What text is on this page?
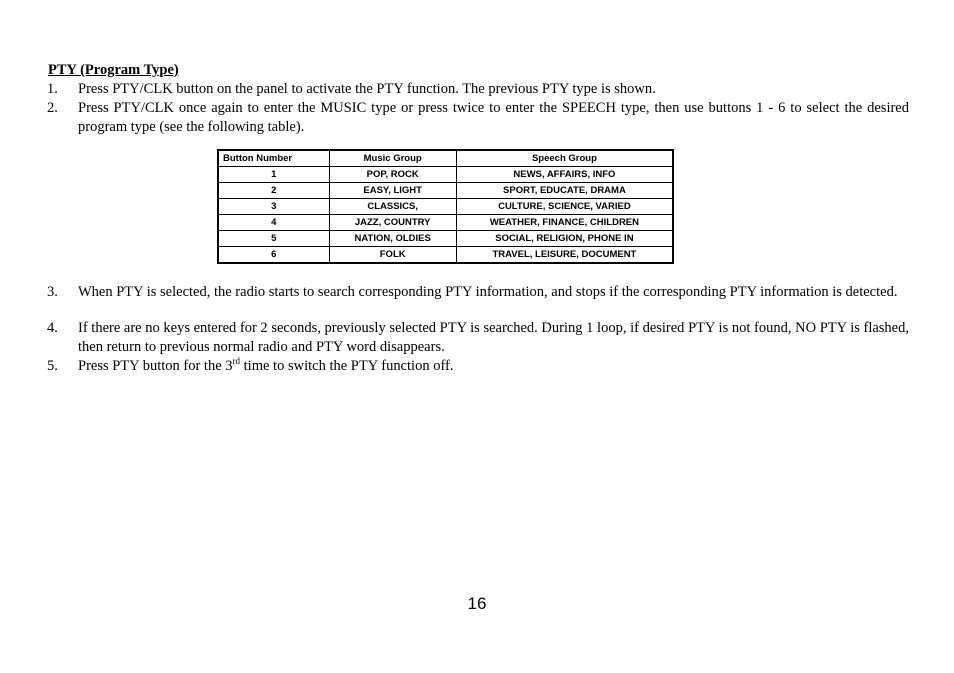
PTY (Program Type)
1.	Press PTY/CLK button on the panel to activate the PTY function. The previous PTY type is shown.
2.	Press PTY/CLK once again to enter the MUSIC type or press twice to enter the SPEECH type, then use buttons 1 - 6 to select the desired program type (see the following table).
Button Number	Music Group	Speech Group
1	POP, ROCK	NEWS, AFFAIRS, INFO
2	EASY, LIGHT	SPORT, EDUCATE, DRAMA
3	CLASSICS,	CULTURE, SCIENCE, VARIED
4	JAZZ, COUNTRY	WEATHER, FINANCE, CHILDREN
5	NATION, OLDIES	SOCIAL, RELIGION, PHONE IN
6	FOLK	TRAVEL, LEISURE, DOCUMENT
3.	When PTY is selected, the radio starts to search corresponding PTY information, and stops if the corresponding PTY information is detected.
4.	If there are no keys entered for 2 seconds, previously selected PTY is searched. During 1 loop, if desired PTY is not found, NO PTY is flashed, then return to previous normal radio and PTY word disappears.
5.	Press PTY button for the 3rd time to switch the PTY function off.
16
